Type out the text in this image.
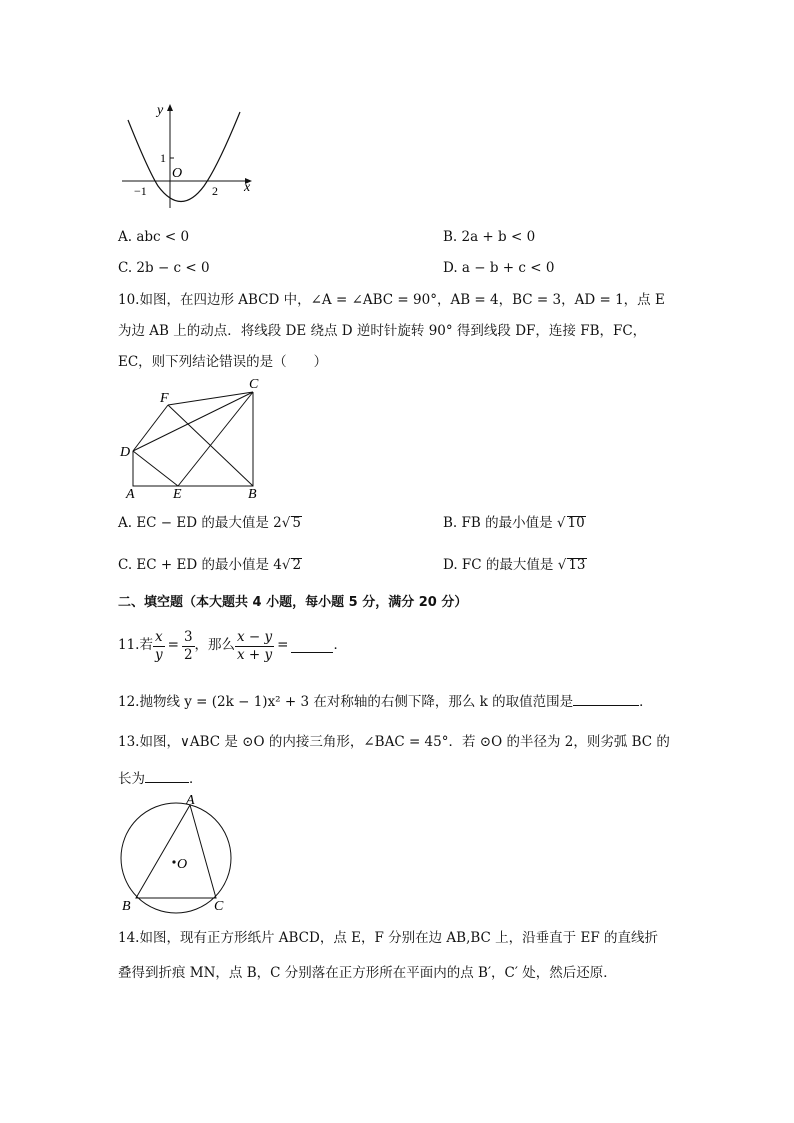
y
x
O
1
−1	2
A. abc < 0	B. 2a + b < 0
C. 2b − c < 0	D. a − b + c < 0
10.如图，在四边形 ABCD 中，∠A = ∠ABC = 90°，AB = 4，BC = 3，AD = 1，点 E
为边 AB 上的动点．将线段 DE 绕点 D 逆时针旋转 90° 得到线段 DF，连接 FB，FC，
EC，则下列结论错误的是（　　）
F
C
D
A	E	B
A. EC − ED 的最大值是 2√ 5	B. FB 的最小值是 √ 10
C. EC + ED 的最小值是 4√ 2	D. FC 的最大值是 √ 13
二、填空题（本大题共 4 小题，每小题 5 分，满分 20 分）
11.若 $\frac{x}{y} = \frac{3}{2}$ ，那么 $\frac{x - y}{x + y}$ =	．
12.抛物线 y = (2k − 1)x² + 3 在对称轴的右侧下降，那么 k 的取值范围是	．
13.如图，∨ABC 是 ⊙O 的内接三角形，∠BAC = 45°．若 ⊙O 的半径为 2，则劣弧 BC 的
长为	．
A
O
B	C
14.如图，现有正方形纸片 ABCD，点 E，F 分别在边 AB,BC 上，沿垂直于 EF 的直线折
叠得到折痕 MN，点 B，C 分别落在正方形所在平面内的点 B′，C′ 处，然后还原．
